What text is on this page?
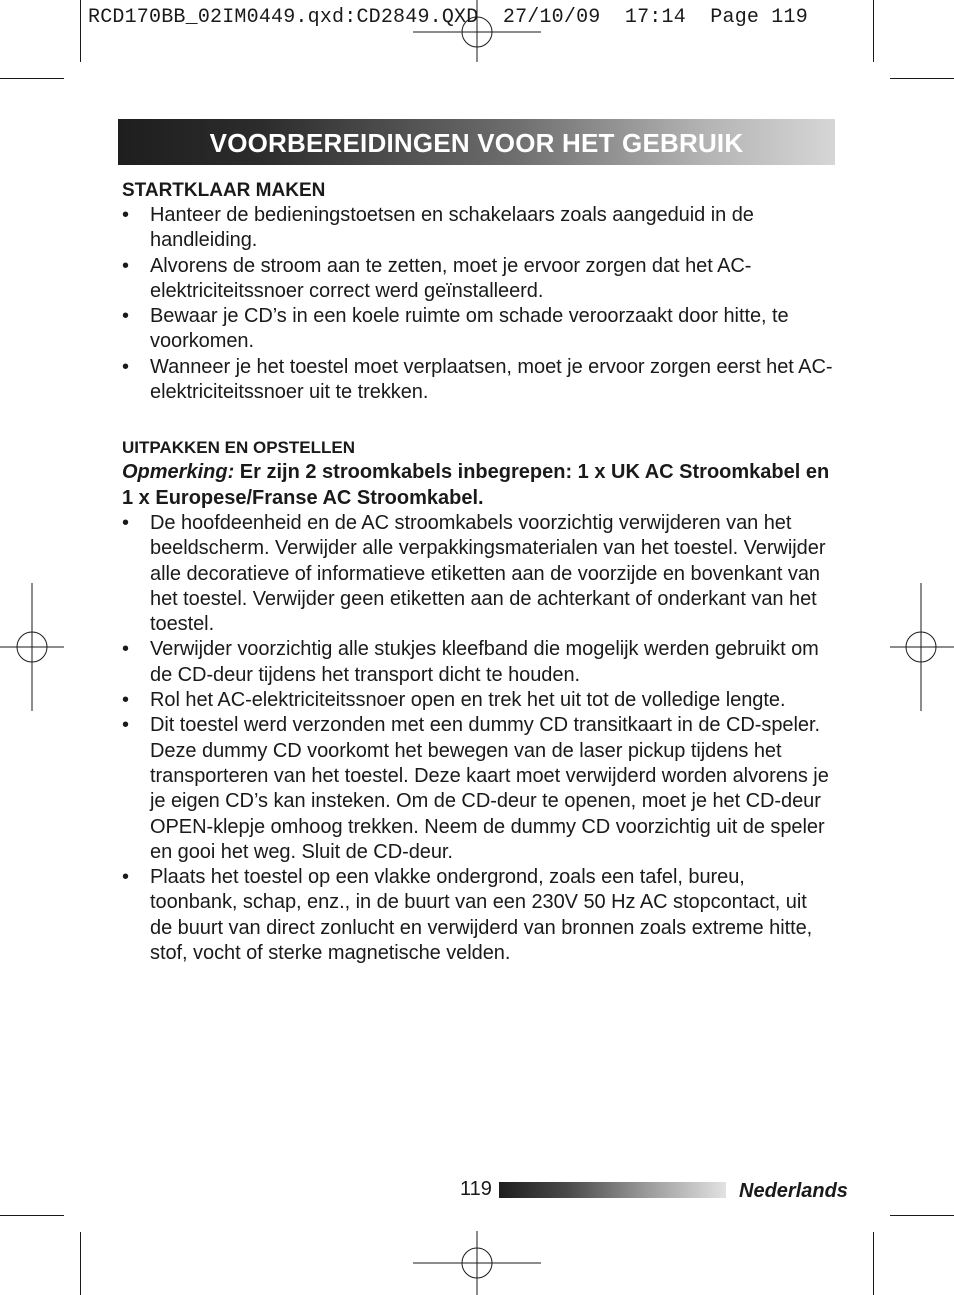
RCD170BB_02IM0449.qxd:CD2849.QXD  27/10/09  17:14  Page 119
VOORBEREIDINGEN VOOR HET GEBRUIK
STARTKLAAR MAKEN
• Hanteer de bedieningstoetsen en schakelaars zoals aangeduid in de handleiding.
• Alvorens de stroom aan te zetten, moet je ervoor zorgen dat het AC-elektriciteitssnoer correct werd geïnstalleerd.
• Bewaar je CD’s in een koele ruimte om schade veroorzaakt door hitte, te voorkomen.
• Wanneer je het toestel moet verplaatsen, moet je ervoor zorgen eerst het AC-elektriciteitssnoer uit te trekken.
UITPAKKEN EN OPSTELLEN
Opmerking: Er zijn 2 stroomkabels inbegrepen: 1 x UK AC Stroomkabel en 1 x Europese/Franse AC Stroomkabel.
• De hoofdeenheid en de AC stroomkabels voorzichtig verwijderen van het beeldscherm. Verwijder alle verpakkingsmaterialen van het toestel. Verwijder alle decoratieve of informatieve etiketten aan de voorzijde en bovenkant van het toestel. Verwijder geen etiketten aan de achterkant of onderkant van het toestel.
• Verwijder voorzichtig alle stukjes kleefband die mogelijk werden gebruikt om de CD-deur tijdens het transport dicht te houden.
• Rol het AC-elektriciteitssnoer open en trek het uit tot de volledige lengte.
• Dit toestel werd verzonden met een dummy CD transitkaart in de CD-speler. Deze dummy CD voorkomt het bewegen van de laser pickup tijdens het transporteren van het toestel. Deze kaart moet verwijderd worden alvorens je je eigen CD’s kan insteken. Om de CD-deur te openen, moet je het CD-deur OPEN-klepje omhoog trekken. Neem de dummy CD voorzichtig uit de speler en gooi het weg. Sluit de CD-deur.
• Plaats het toestel op een vlakke ondergrond, zoals een tafel, bureu, toonbank, schap, enz., in de buurt van een 230V 50 Hz AC stopcontact, uit de buurt van direct zonlucht en verwijderd van bronnen zoals extreme hitte, stof, vocht of sterke magnetische velden.
119	Nederlands
